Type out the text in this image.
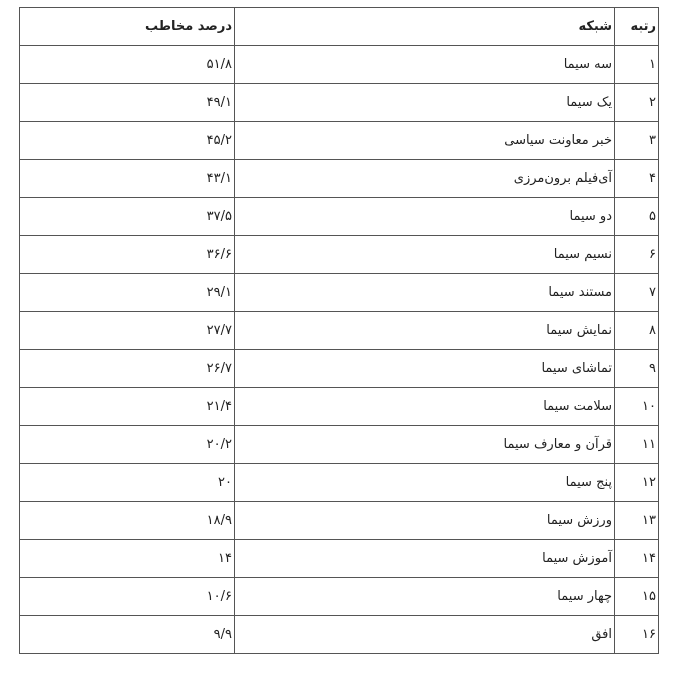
رتبه	شبکه	درصد مخاطب
۱	سه سیما	۵۱/۸
۲	یک سیما	۴۹/۱
۳	خبر معاونت سیاسی	۴۵/۲
۴	آی‌فیلم برون‌مرزی	۴۳/۱
۵	دو سیما	۳۷/۵
۶	نسیم سیما	۳۶/۶
۷	مستند سیما	۲۹/۱
۸	نمایش سیما	۲۷/۷
۹	تماشای سیما	۲۶/۷
۱۰	سلامت سیما	۲۱/۴
۱۱	قرآن و معارف سیما	۲۰/۲
۱۲	پنج سیما	۲۰
۱۳	ورزش سیما	۱۸/۹
۱۴	آموزش سیما	۱۴
۱۵	چهار سیما	۱۰/۶
۱۶	افق	۹/۹
